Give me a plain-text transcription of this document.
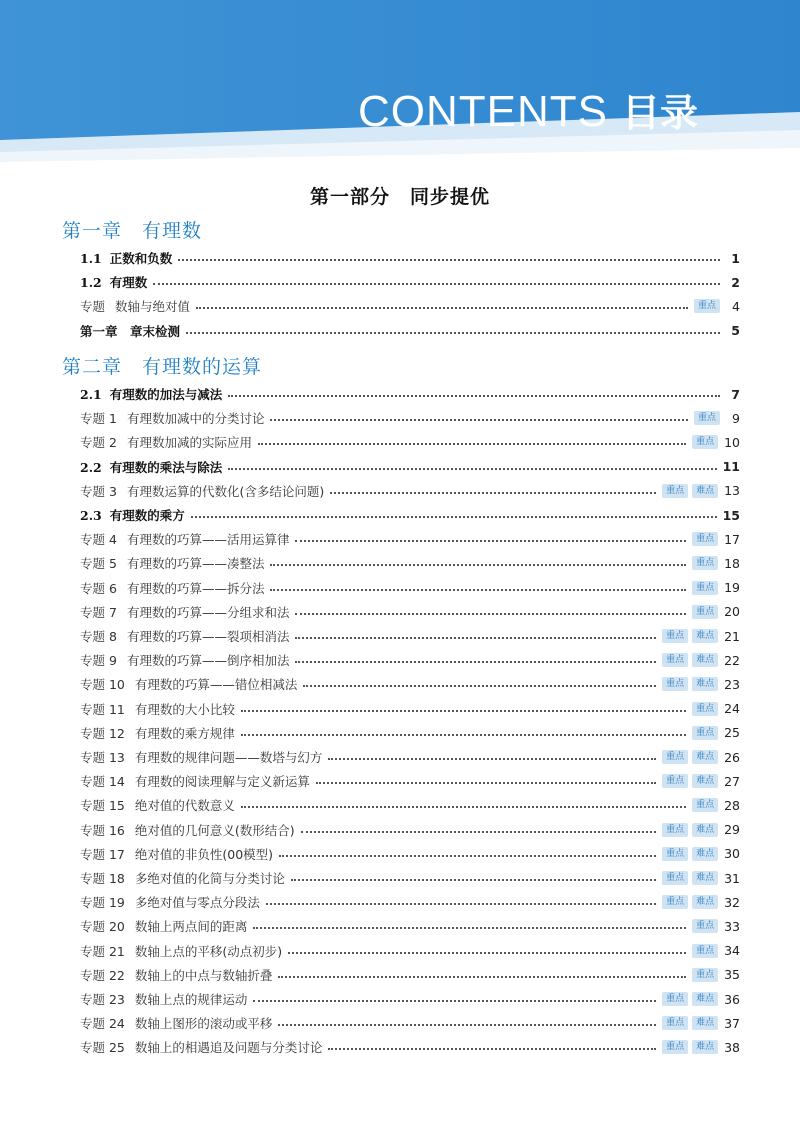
CONTENTS 目录
第一部分　同步提优
第一章　有理数
1.1 正数和负数	1
1.2 有理数	2
专题 数轴与绝对值	重点	4
第一章　章末检测	5
第二章　有理数的运算
2.1 有理数的加法与减法	7
专题 1 有理数加减中的分类讨论	重点	9
专题 2 有理数加减的实际应用	重点 10
2.2 有理数的乘法与除法	11
专题 3 有理数运算的代数化(含多结论问题)	重点	难点 13
2.3 有理数的乘方	15
专题 4 有理数的巧算——活用运算律	重点 17
专题 5 有理数的巧算——凑整法	重点 18
专题 6 有理数的巧算——拆分法	重点 19
专题 7 有理数的巧算——分组求和法	重点 20
专题 8 有理数的巧算——裂项相消法	重点	难点 21
专题 9 有理数的巧算——倒序相加法	重点	难点 22
专题 10 有理数的巧算——错位相减法	重点	难点 23
专题 11 有理数的大小比较	重点 24
专题 12 有理数的乘方规律	重点 25
专题 13 有理数的规律问题——数塔与幻方	重点	难点 26
专题 14 有理数的阅读理解与定义新运算	重点	难点 27
专题 15 绝对值的代数意义	重点 28
专题 16 绝对值的几何意义(数形结合)	重点	难点 29
专题 17 绝对值的非负性(00模型)	重点	难点 30
专题 18 多绝对值的化简与分类讨论	重点	难点 31
专题 19 多绝对值与零点分段法	重点	难点 32
专题 20 数轴上两点间的距离	重点 33
专题 21 数轴上点的平移(动点初步)	重点 34
专题 22 数轴上的中点与数轴折叠	重点 35
专题 23 数轴上点的规律运动	重点	难点 36
专题 24 数轴上图形的滚动或平移	重点	难点 37
专题 25 数轴上的相遇追及问题与分类讨论	重点	难点 38
